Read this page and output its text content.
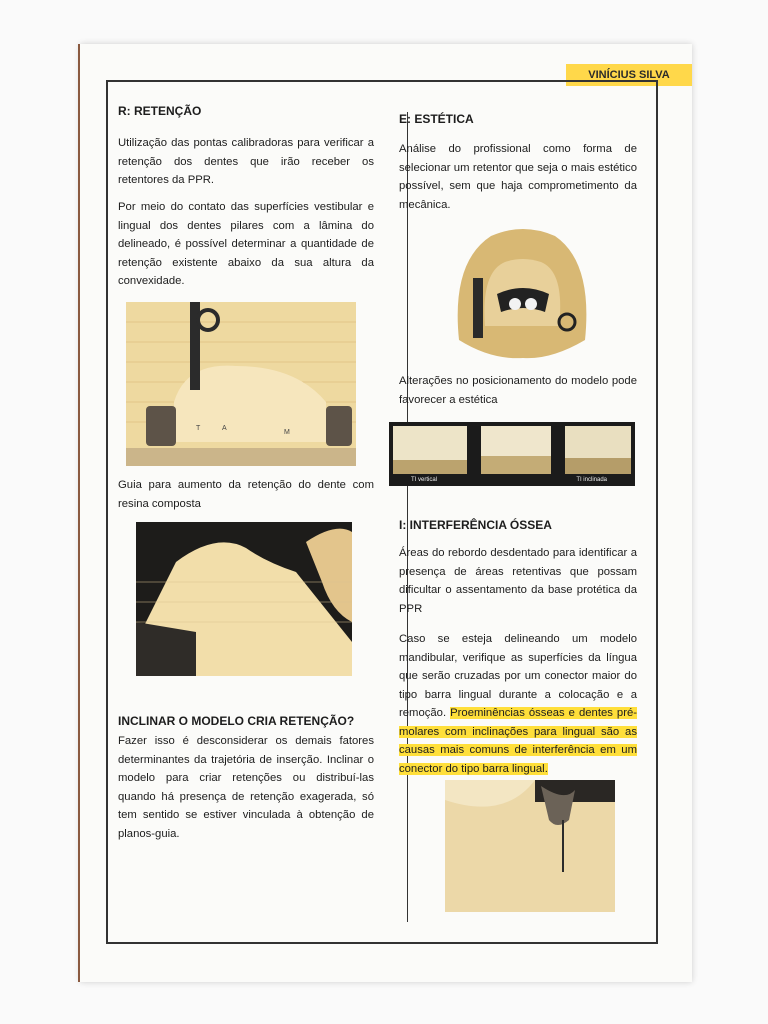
VINÍCIUS SILVA
R: RETENÇÃO

Utilização das pontas calibradoras para verificar a retenção dos dentes que irão receber os retentores da PPR.

Por meio do contato das superfícies vestibular e lingual dos dentes pilares com a lâmina do delineado, é possível determinar a quantidade de retenção existente abaixo da sua altura da convexidade.

T	A
M

Guia para aumento da retenção do dente com resina composta

INCLINAR O MODELO CRIA RETENÇÃO?

Fazer isso é desconsiderar os demais fatores determinantes da trajetória de inserção. Inclinar o modelo para criar retenções ou distribuí-las quando há presença de retenção exagerada, só tem sentido se estiver vinculada à obtenção de planos-guia.

E: ESTÉTICA

Análise do profissional como forma de selecionar um retentor que seja o mais estético possível, sem que haja comprometimento da mecânica.

Alterações no posicionamento do modelo pode favorecer a estética

TI vertical	TI inclinada
I: INTERFERÊNCIA ÓSSEA

Áreas do rebordo desdentado para identificar a presença de áreas retentivas que possam dificultar o assentamento da base protética da PPR

Caso se esteja delineando um modelo mandibular, verifique as superfícies da língua que serão cruzadas por um conector maior do tipo barra lingual durante a colocação e a remoção. Proeminências ósseas e dentes pré-molares com inclinações para lingual são as causas mais comuns de interferência em um conector do tipo barra lingual.
